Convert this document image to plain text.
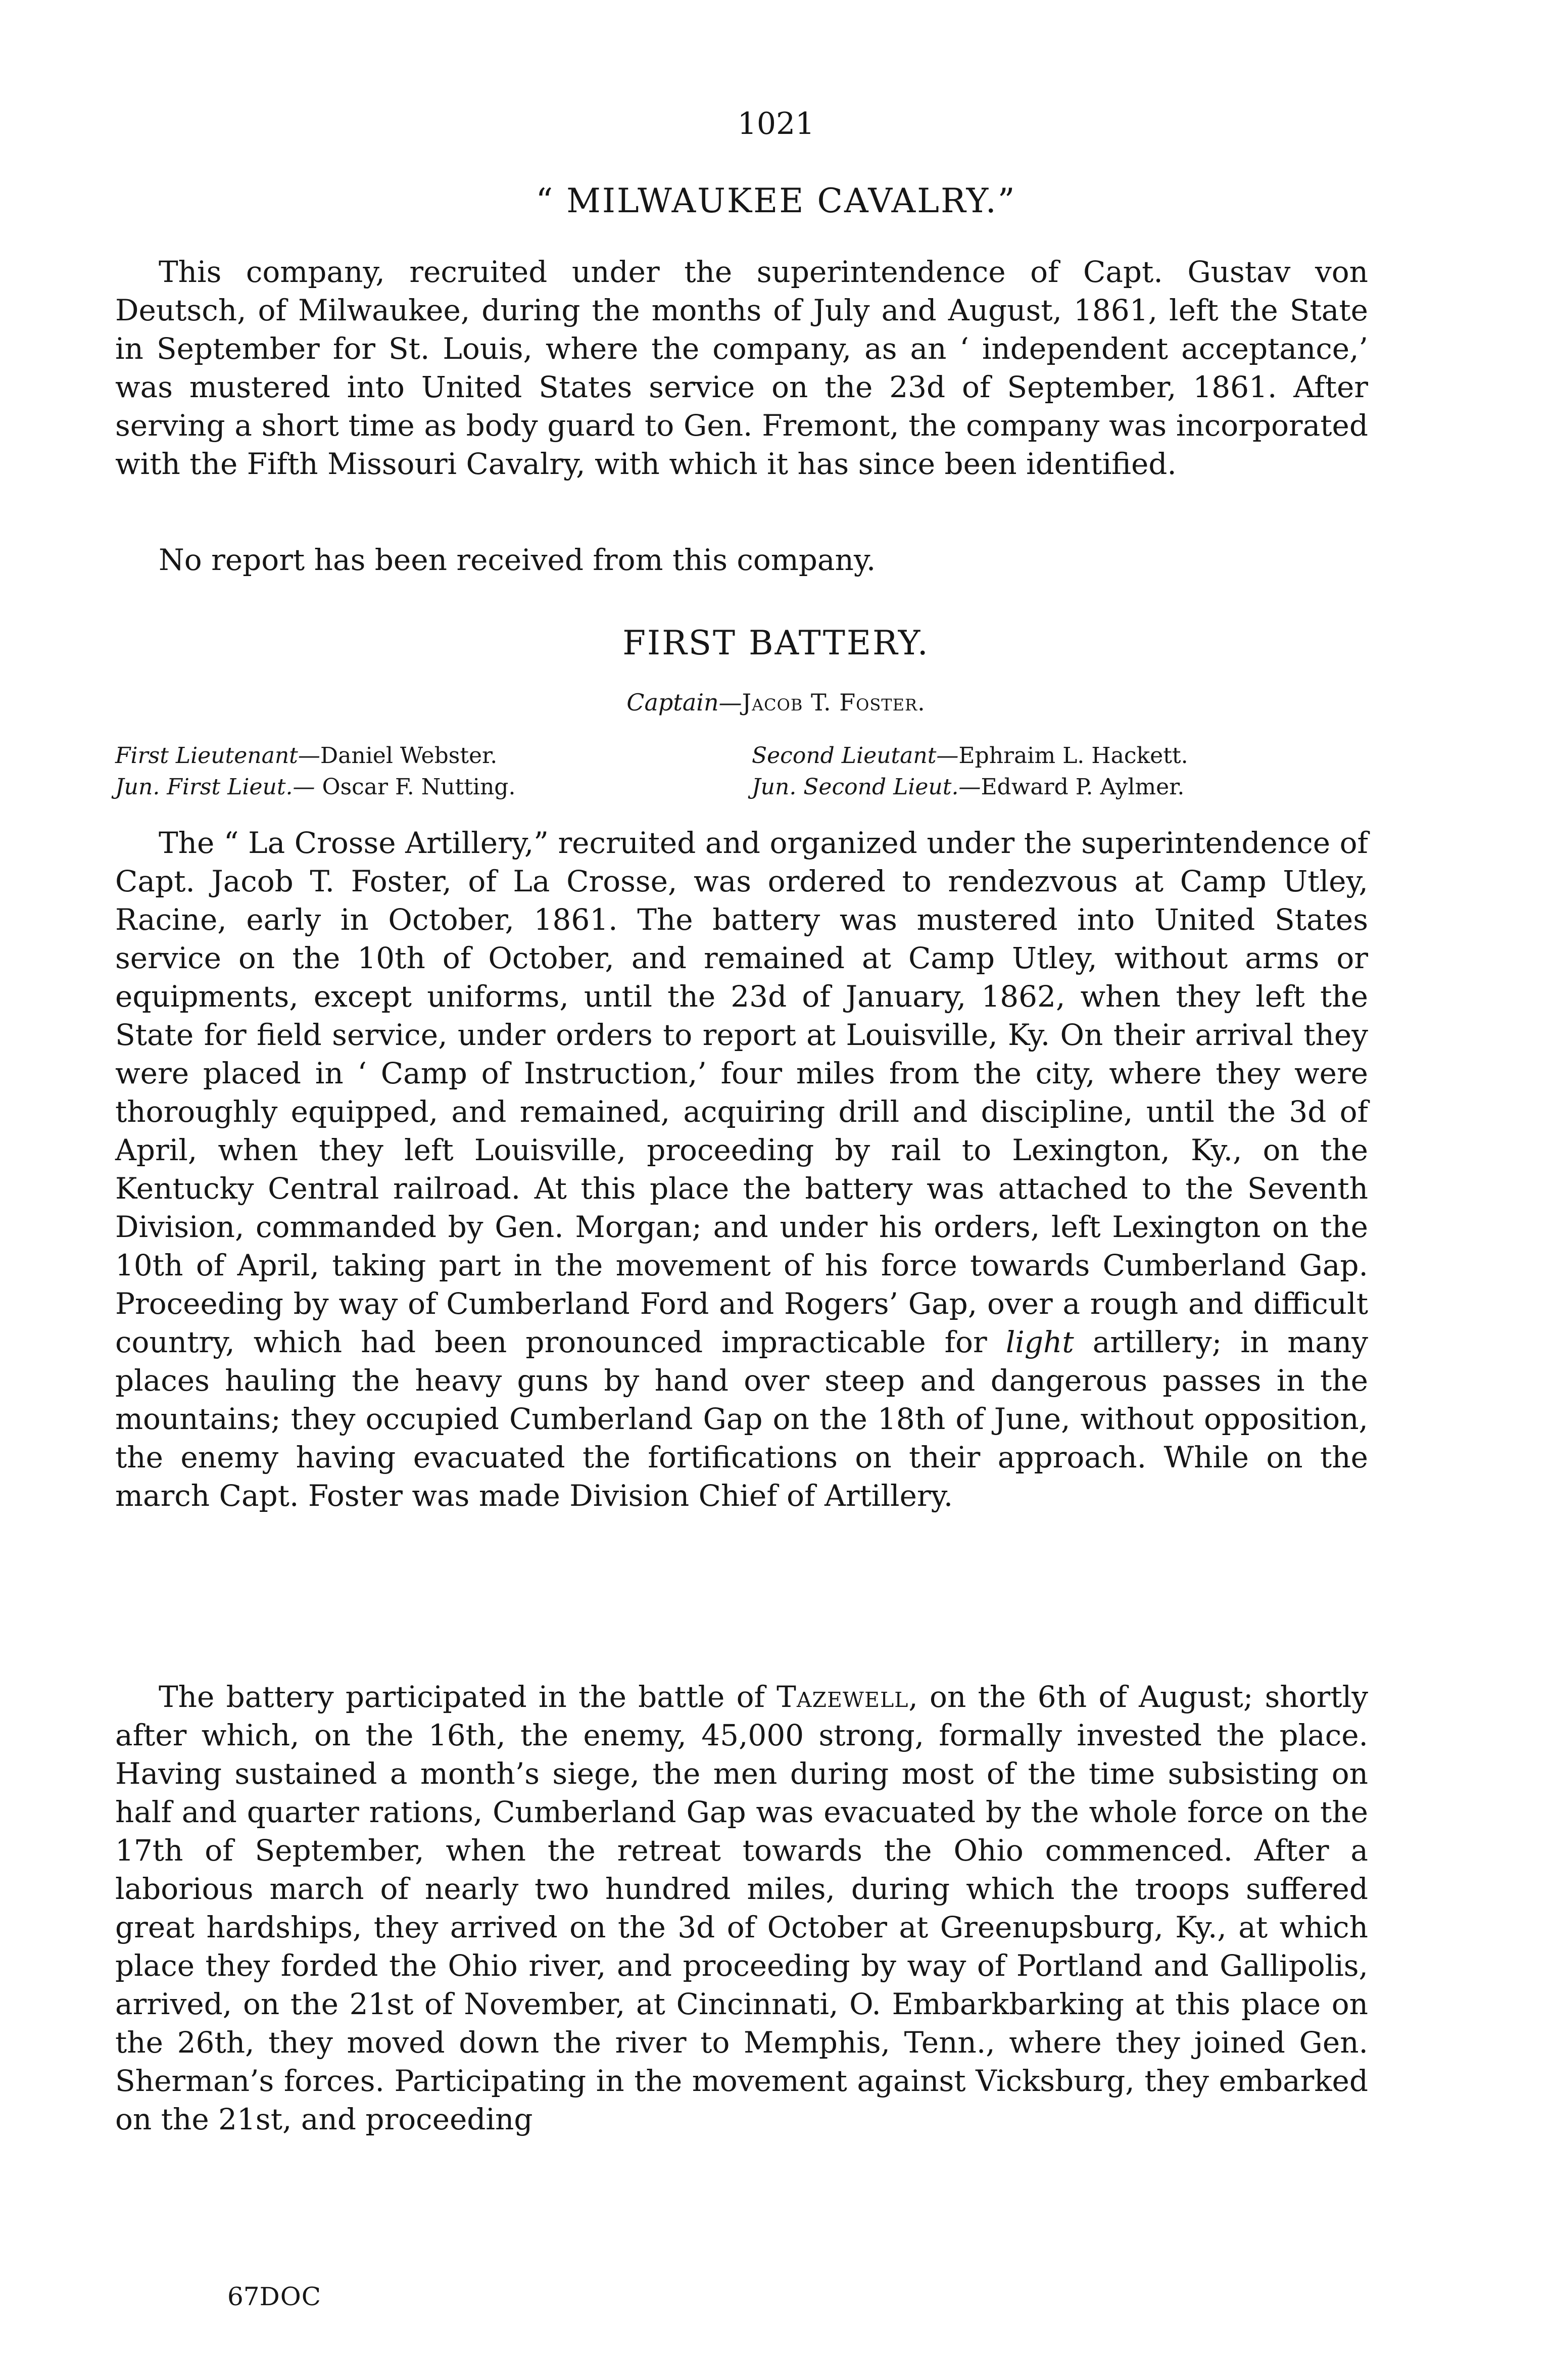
1021
“ MILWAUKEE CAVALRY.”

This company, recruited under the superintendence of Capt. Gustav von Deutsch, of Milwaukee, during the months of July and August, 1861, left the State in September for St. Louis, where the company, as an ‘ independent acceptance,’ was mustered into United States service on the 23d of September, 1861. After serving a short time as body guard to Gen. Fremont, the company was incorporated with the Fifth Missouri Cavalry, with which it has since been identified.

No report has been received from this company.

FIRST BATTERY.
Captain—Jacob T. Foster.
First Lieutenant—Daniel Webster.	Second Lieutant—Ephraim L. Hackett.
Jun. First Lieut.— Oscar F. Nutting.	Jun. Second Lieut.—Edward P. Aylmer.

The “ La Crosse Artillery,” recruited and organized under the superintendence of Capt. Jacob T. Foster, of La Crosse, was ordered to rendezvous at Camp Utley, Racine, early in October, 1861. The battery was mustered into United States service on the 10th of October, and remained at Camp Utley, without arms or equipments, except uniforms, until the 23d of January, 1862, when they left the State for field service, under orders to report at Louisville, Ky. On their arrival they were placed in ‘ Camp of Instruction,’ four miles from the city, where they were thoroughly equipped, and remained, acquiring drill and discipline, until the 3d of April, when they left Louisville, proceeding by rail to Lexington, Ky., on the Kentucky Central railroad. At this place the battery was attached to the Seventh Division, commanded by Gen. Morgan; and under his orders, left Lexington on the 10th of April, taking part in the movement of his force towards Cumberland Gap. Proceeding by way of Cumberland Ford and Rogers’ Gap, over a rough and difficult country, which had been pronounced impracticable for light artillery; in many places hauling the heavy guns by hand over steep and dangerous passes in the mountains; they occupied Cumberland Gap on the 18th of June, without opposition, the enemy having evacuated the fortifications on their approach. While on the march Capt. Foster was made Division Chief of Artillery.

The battery participated in the battle of Tazewell, on the 6th of August; shortly after which, on the 16th, the enemy, 45,000 strong, formally invested the place. Having sustained a month’s siege, the men during most of the time subsisting on half and quarter rations, Cumberland Gap was evacuated by the whole force on the 17th of September, when the retreat towards the Ohio commenced. After a laborious march of nearly two hundred miles, during which the troops suffered great hardships, they arrived on the 3d of October at Greenupsburg, Ky., at which place they forded the Ohio river, and proceeding by way of Portland and Gallipolis, arrived, on the 21st of November, at Cincinnati, O. Embarkbarking at this place on the 26th, they moved down the river to Memphis, Tenn., where they joined Gen. Sherman’s forces. Participating in the movement against Vicksburg, they embarked on the 21st, and proceeding

67DOC
